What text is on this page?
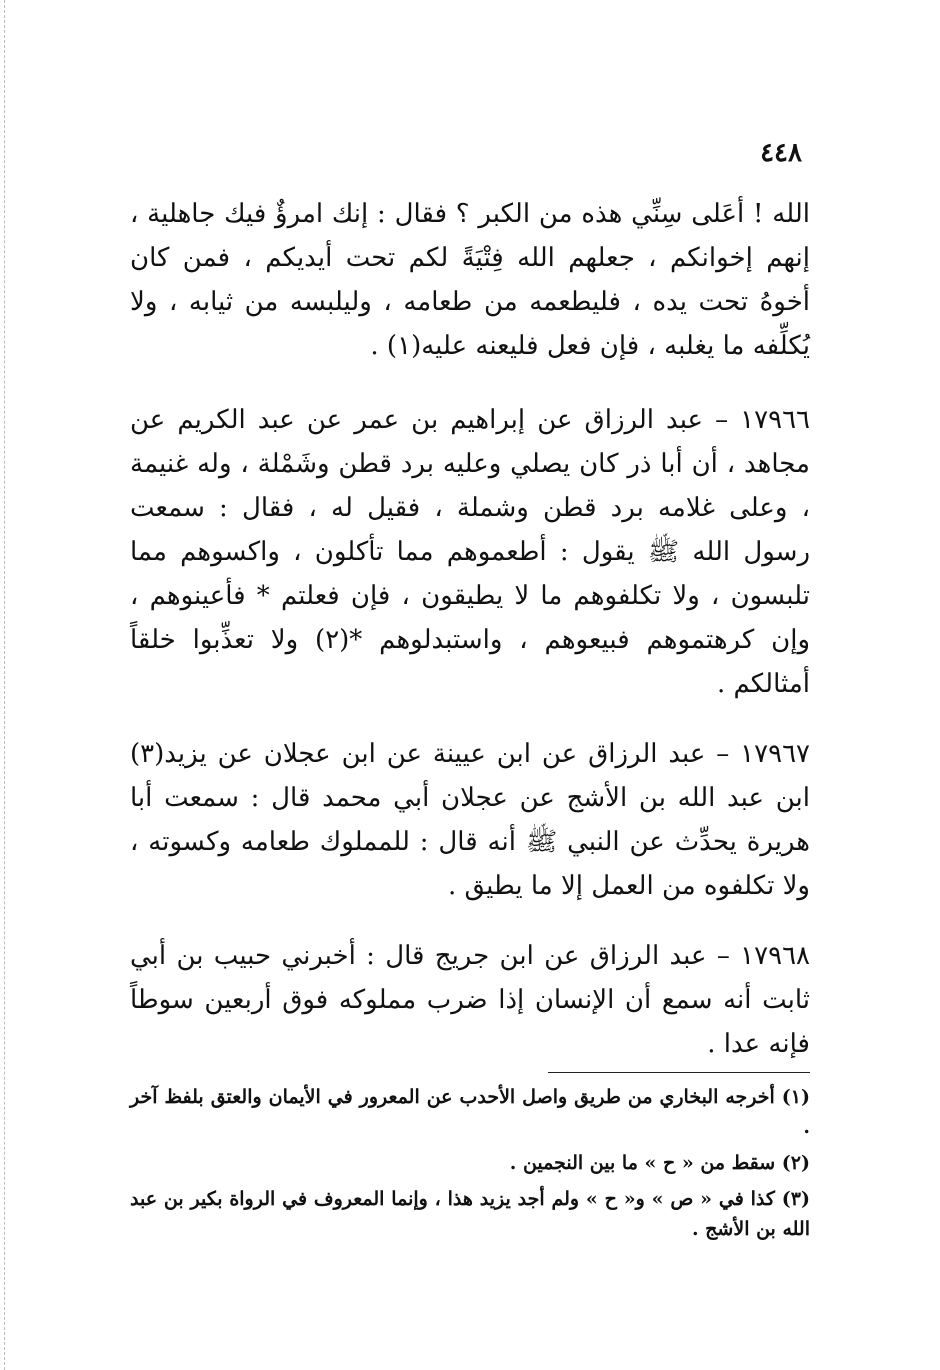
٤٤٨

الله ! أعَلى سِنِّي هذه من الكبر ؟ فقال : إنك امرؤٌ فيك جاهلية ، إنهم إخوانكم ، جعلهم الله فِتْيَةً لكم تحت أيديكم ، فمن كان أخوهُ تحت يده ، فليطعمه من طعامه ، وليلبسه من ثيابه ، ولا يُكلِّفه ما يغلبه ، فإن فعل فليعنه عليه(١) .

١٧٩٦٦ – عبد الرزاق عن إبراهيم بن عمر عن عبد الكريم عن مجاهد ، أن أبا ذر كان يصلي وعليه برد قطن وشَمْلة ، وله غنيمة ، وعلى غلامه برد قطن وشملة ، فقيل له ، فقال : سمعت رسول الله ﷺ يقول : أطعموهم مما تأكلون ، واكسوهم مما تلبسون ، ولا تكلفوهم ما لا يطيقون ، فإن فعلتم * فأعينوهم ، وإن كرهتموهم فبيعوهم ، واستبدلوهم *(٢) ولا تعذِّبوا خلقاً أمثالكم .

١٧٩٦٧ – عبد الرزاق عن ابن عيينة عن ابن عجلان عن يزيد(٣) ابن عبد الله بن الأشج عن عجلان أبي محمد قال : سمعت أبا هريرة يحدِّث عن النبي ﷺ أنه قال : للمملوك طعامه وكسوته ، ولا تكلفوه من العمل إلا ما يطيق .

١٧٩٦٨ – عبد الرزاق عن ابن جريج قال : أخبرني حبيب بن أبي ثابت أنه سمع أن الإنسان إذا ضرب مملوكه فوق أربعين سوطاً فإنه عدا .

(١) أخرجه البخاري من طريق واصل الأحدب عن المعرور في الأيمان والعتق بلفظ آخر .

(٢) سقط من « ح » ما بين النجمين .

(٣) كذا في « ص » و« ح » ولم أجد يزيد هذا ، وإنما المعروف في الرواة بكير بن عبد الله بن الأشج .
